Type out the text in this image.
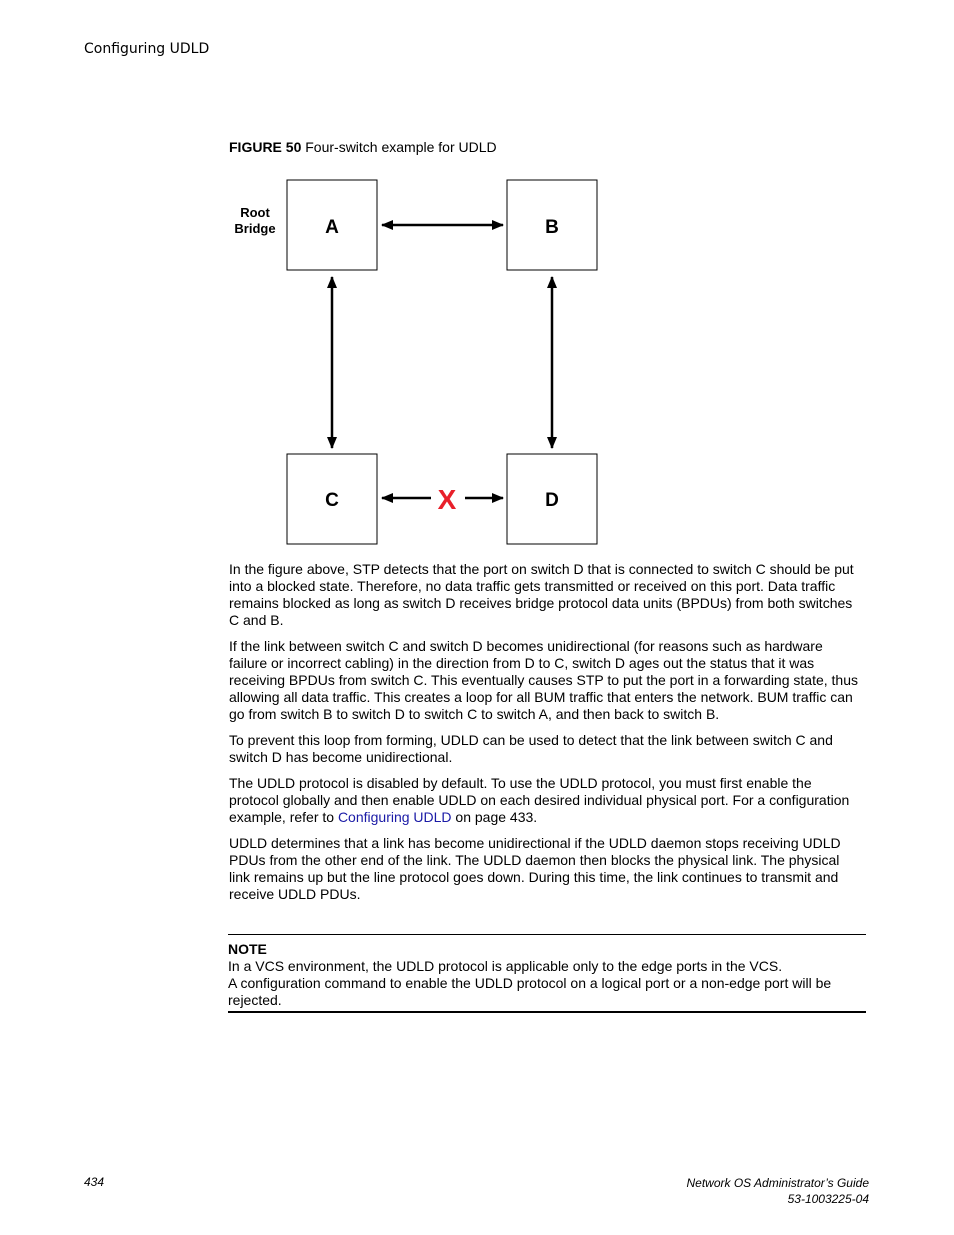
Configuring UDLD
FIGURE 50 Four-switch example for UDLD
Root
Bridge	A	B
C	D
X

In the figure above, STP detects that the port on switch D that is connected to switch C should be put into a blocked state. Therefore, no data traffic gets transmitted or received on this port. Data traffic remains blocked as long as switch D receives bridge protocol data units (BPDUs) from both switches C and B.

If the link between switch C and switch D becomes unidirectional (for reasons such as hardware failure or incorrect cabling) in the direction from D to C, switch D ages out the status that it was receiving BPDUs from switch C. This eventually causes STP to put the port in a forwarding state, thus allowing all data traffic. This creates a loop for all BUM traffic that enters the network. BUM traffic can go from switch B to switch D to switch C to switch A, and then back to switch B.

To prevent this loop from forming, UDLD can be used to detect that the link between switch C and switch D has become unidirectional.

The UDLD protocol is disabled by default. To use the UDLD protocol, you must first enable the protocol globally and then enable UDLD on each desired individual physical port. For a configuration example, refer to Configuring UDLD on page 433.

UDLD determines that a link has become unidirectional if the UDLD daemon stops receiving UDLD PDUs from the other end of the link. The UDLD daemon then blocks the physical link. The physical link remains up but the line protocol goes down. During this time, the link continues to transmit and receive UDLD PDUs.

NOTE
In a VCS environment, the UDLD protocol is applicable only to the edge ports in the VCS.
A configuration command to enable the UDLD protocol on a logical port or a non-edge port will be rejected.
434	Network OS Administrator’s Guide
53-1003225-04
